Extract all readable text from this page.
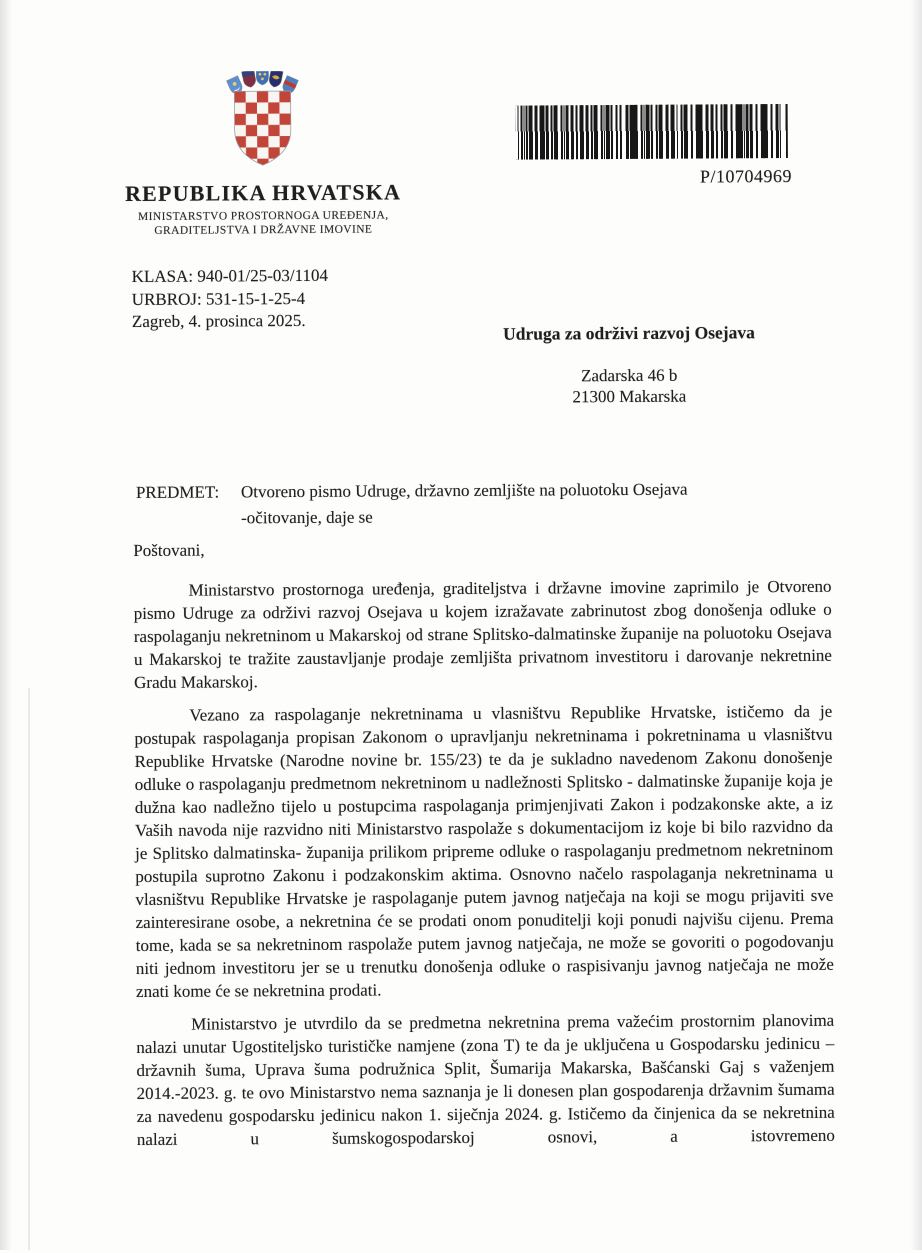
REPUBLIKA HRVATSKA
MINISTARSTVO PROSTORNOGA UREĐENJA,
GRADITELJSTVA I DRŽAVNE IMOVINE
P/10704969
KLASA: 940-01/25-03/1104
URBROJ: 531-15-1-25-4
Zagreb, 4. prosinca 2025.
Udruga za održivi razvoj Osejava
Zadarska 46 b
21300 Makarska
PREDMET:	Otvoreno pismo Udruge, državno zemljište na poluotoku Osejava
-očitovanje, daje se
Poštovani,

Ministarstvo prostornoga uređenja, graditeljstva i državne imovine zaprimilo je Otvoreno pismo Udruge za održivi razvoj Osejava u kojem izražavate zabrinutost zbog donošenja odluke o raspolaganju nekretninom u Makarskoj od strane Splitsko-dalmatinske županije na poluotoku Osejava u Makarskoj te tražite zaustavljanje prodaje zemljišta privatnom investitoru i darovanje nekretnine Gradu Makarskoj.

Vezano za raspolaganje nekretninama u vlasništvu Republike Hrvatske, ističemo da je postupak raspolaganja propisan Zakonom o upravljanju nekretninama i pokretninama u vlasništvu Republike Hrvatske (Narodne novine br. 155/23) te da je sukladno navedenom Zakonu donošenje odluke o raspolaganju predmetnom nekretninom u nadležnosti Splitsko - dalmatinske županije koja je dužna kao nadležno tijelo u postupcima raspolaganja primjenjivati Zakon i podzakonske akte, a iz Vaših navoda nije razvidno niti Ministarstvo raspolaže s dokumentacijom iz koje bi bilo razvidno da je Splitsko dalmatinska- županija prilikom pripreme odluke o raspolaganju predmetnom nekretninom postupila suprotno Zakonu i podzakonskim aktima. Osnovno načelo raspolaganja nekretninama u vlasništvu Republike Hrvatske je raspolaganje putem javnog natječaja na koji se mogu prijaviti sve zainteresirane osobe, a nekretnina će se prodati onom ponuditelji koji ponudi najvišu cijenu. Prema tome, kada se sa nekretninom raspolaže putem javnog natječaja, ne može se govoriti o pogodovanju niti jednom investitoru jer se u trenutku donošenja odluke o raspisivanju javnog natječaja ne može znati kome će se nekretnina prodati.

Ministarstvo je utvrdilo da se predmetna nekretnina prema važećim prostornim planovima nalazi unutar Ugostiteljsko turističke namjene (zona T) te da je uključena u Gospodarsku jedinicu – državnih šuma, Uprava šuma podružnica Split, Šumarija Makarska, Bašćanski Gaj s važenjem 2014.-2023. g. te ovo Ministarstvo nema saznanja je li donesen plan gospodarenja državnim šumama za navedenu gospodarsku jedinicu nakon 1. siječnja 2024. g. Ističemo da činjenica da se nekretnina nalazi u šumskogospodarskoj osnovi, a istovremeno
